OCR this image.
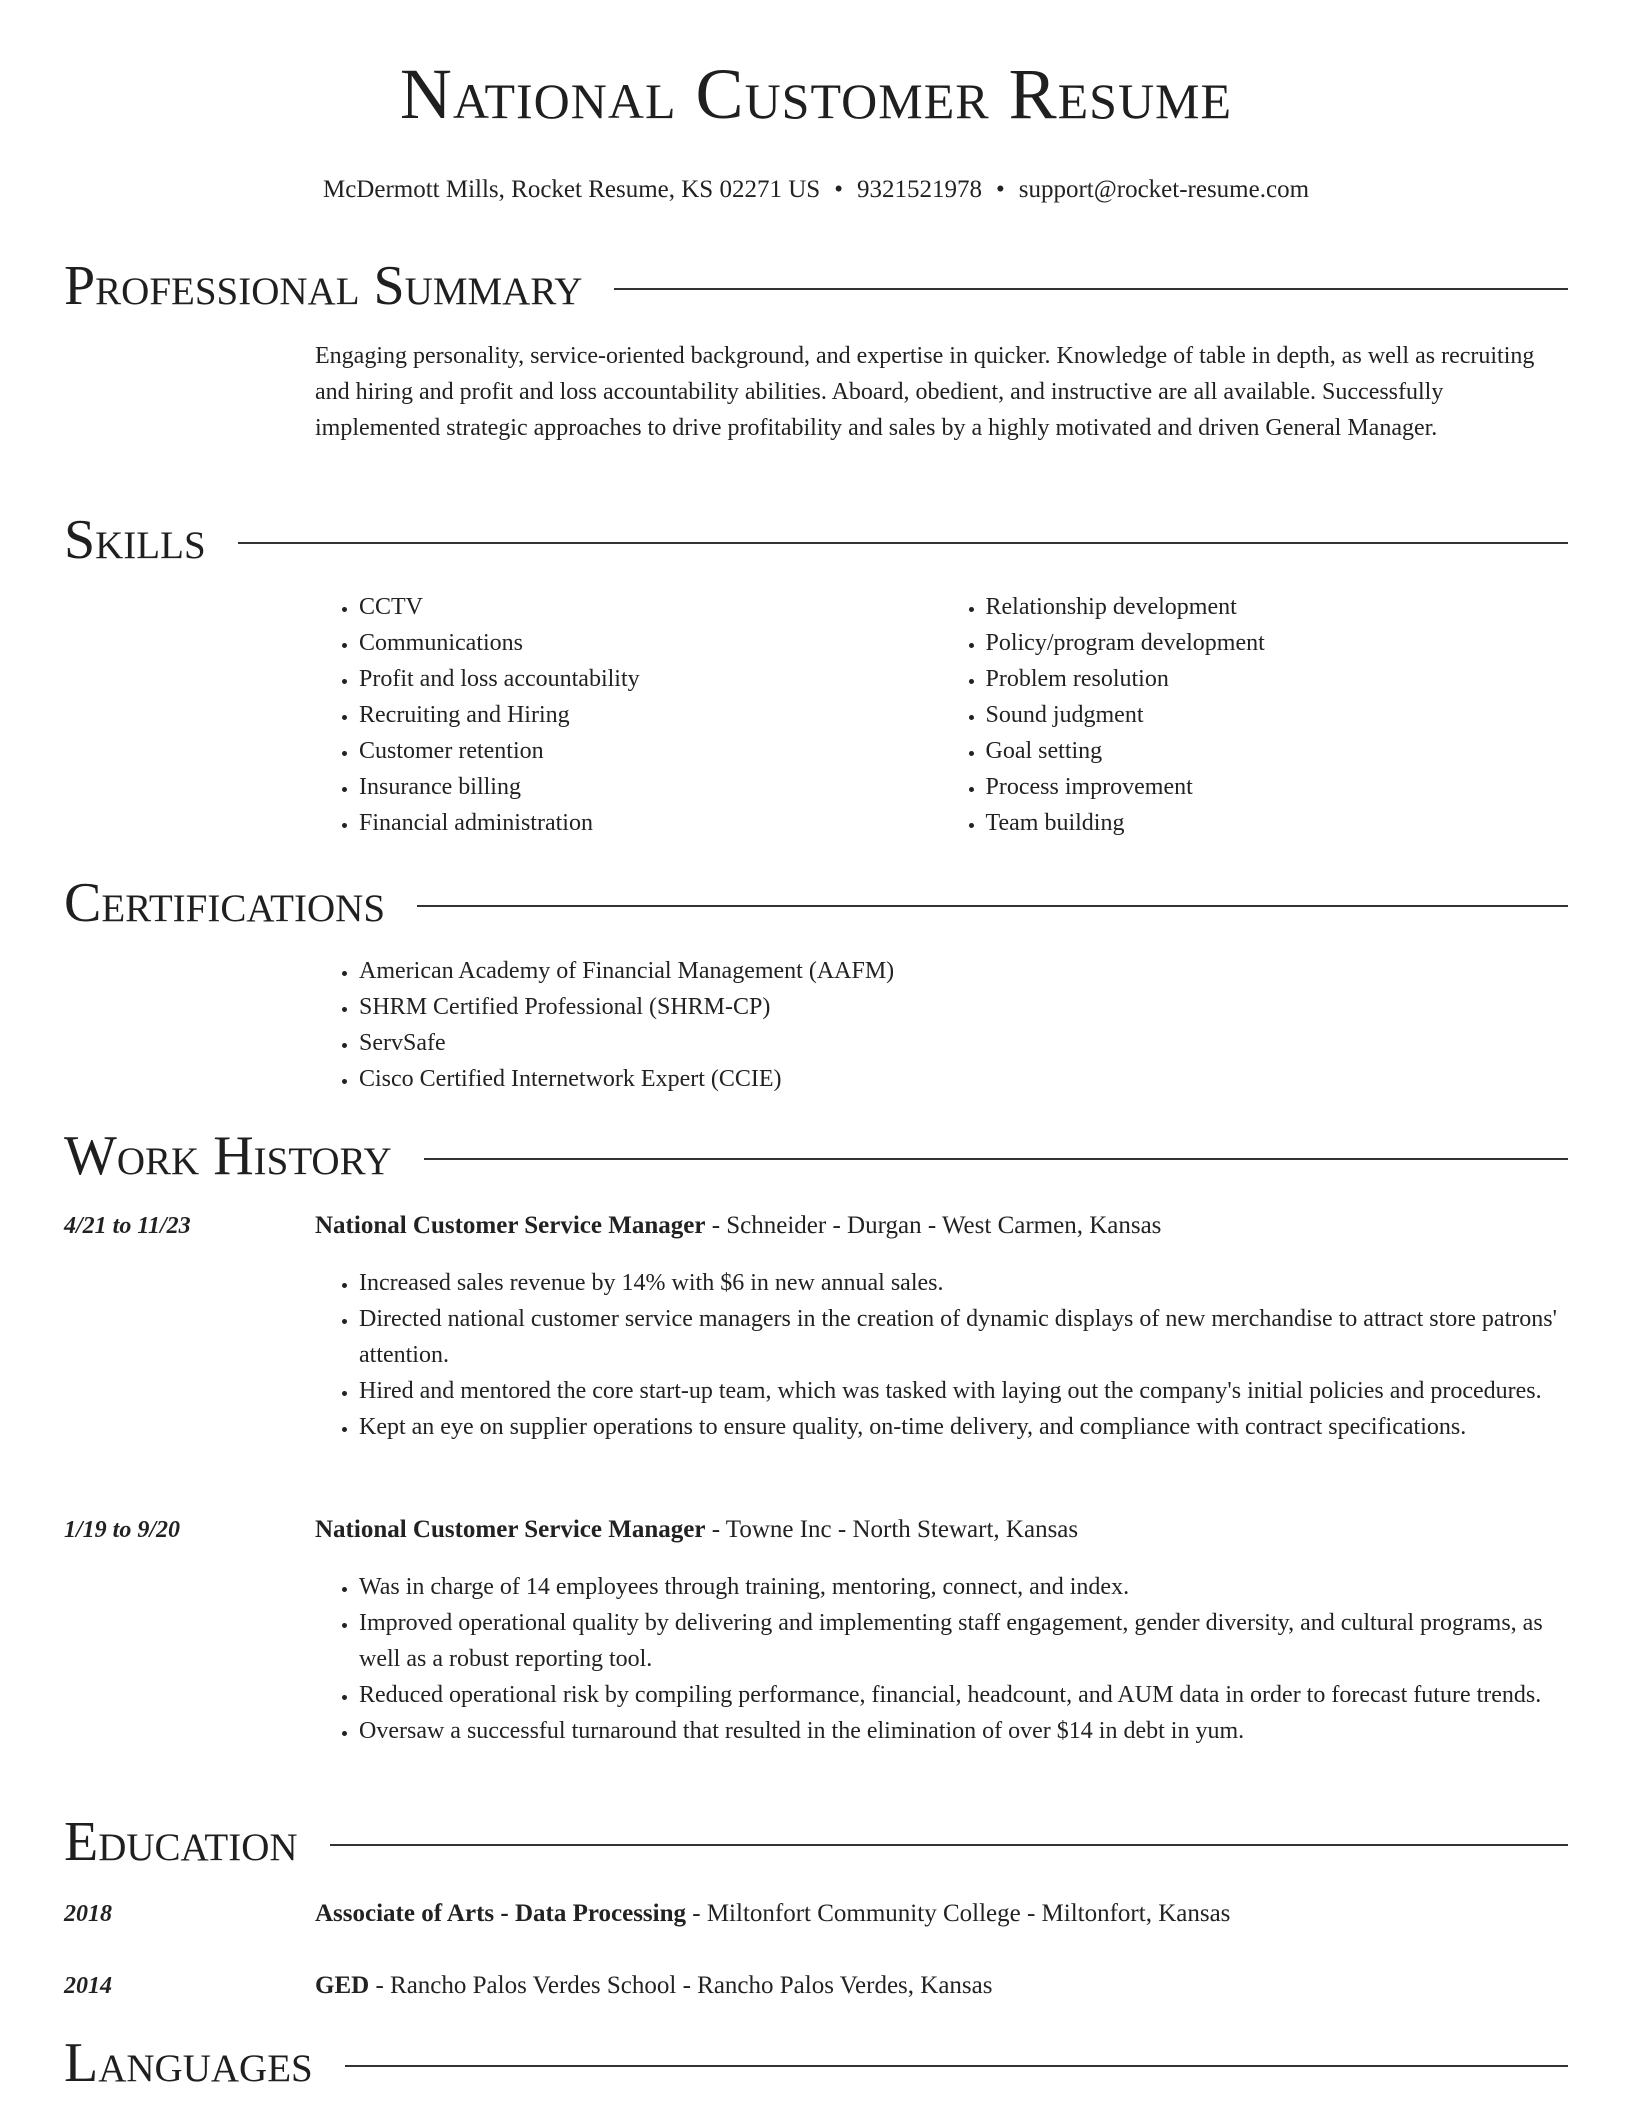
National Customer Resume
McDermott Mills, Rocket Resume, KS 02271 US • 9321521978 • support@rocket-resume.com
Professional Summary

Engaging personality, service-oriented background, and expertise in quicker. Knowledge of table in depth, as well as recruiting and hiring and profit and loss accountability abilities. Aboard, obedient, and instructive are all available. Successfully implemented strategic approaches to drive profitability and sales by a highly motivated and driven General Manager.

Skills
• CCTV
• Communications
• Profit and loss accountability
• Recruiting and Hiring
• Customer retention
• Insurance billing
• Financial administration
• Relationship development
• Policy/program development
• Problem resolution
• Sound judgment
• Goal setting
• Process improvement
• Team building
Certifications
• American Academy of Financial Management (AAFM)
• SHRM Certified Professional (SHRM-CP)
• ServSafe
• Cisco Certified Internetwork Expert (CCIE)
Work History
4/21 to 11/23	National Customer Service Manager - Schneider - Durgan - West Carmen, Kansas
• Increased sales revenue by 14% with $6 in new annual sales.
• Directed national customer service managers in the creation of dynamic displays of new merchandise to attract store patrons' attention.
• Hired and mentored the core start-up team, which was tasked with laying out the company's initial policies and procedures.
• Kept an eye on supplier operations to ensure quality, on-time delivery, and compliance with contract specifications.
1/19 to 9/20	National Customer Service Manager - Towne Inc - North Stewart, Kansas
• Was in charge of 14 employees through training, mentoring, connect, and index.
• Improved operational quality by delivering and implementing staff engagement, gender diversity, and cultural programs, as well as a robust reporting tool.
• Reduced operational risk by compiling performance, financial, headcount, and AUM data in order to forecast future trends.
• Oversaw a successful turnaround that resulted in the elimination of over $14 in debt in yum.
Education
2018	Associate of Arts - Data Processing - Miltonfort Community College - Miltonfort, Kansas
2014	GED - Rancho Palos Verdes School - Rancho Palos Verdes, Kansas
Languages
